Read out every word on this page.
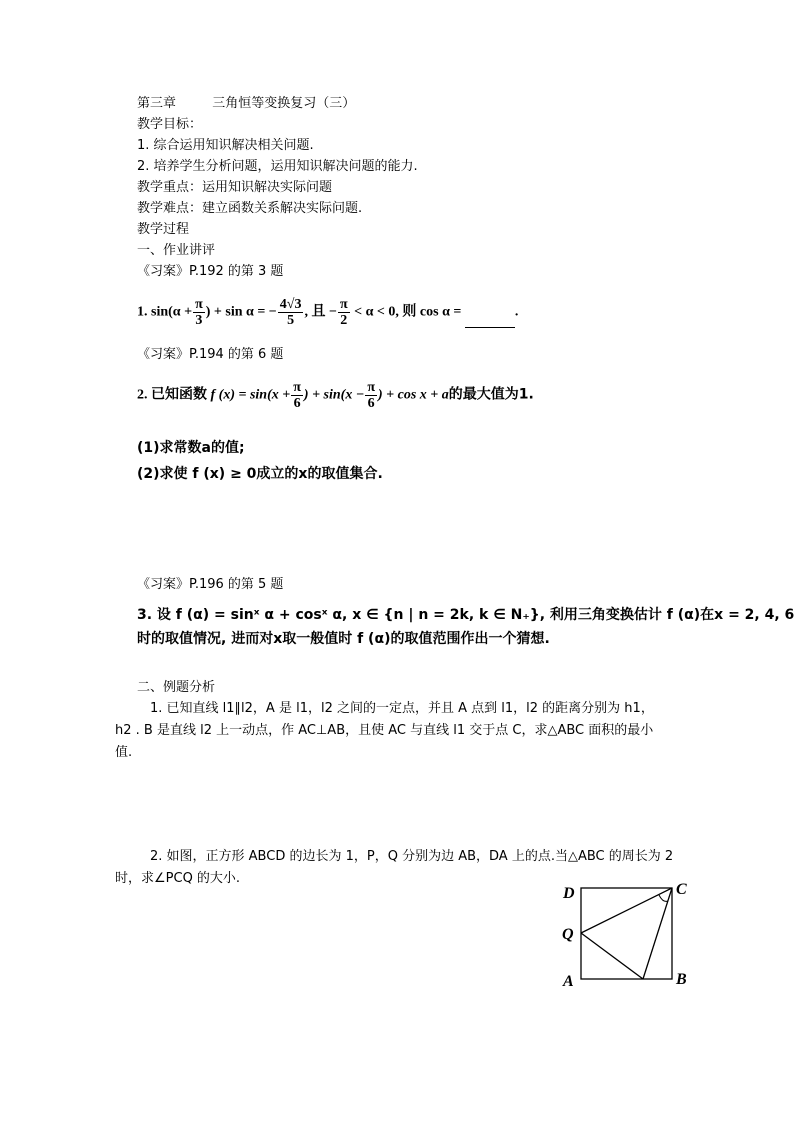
第三章	三角恒等变换复习（三）
教学目标：
1. 综合运用知识解决相关问题.
2. 培养学生分析问题，运用知识解决问题的能力.
教学重点：运用知识解决实际问题
教学难点：建立函数关系解决实际问题.
教学过程
一、作业讲评
《习案》P.192 的第 3 题
1. $\sin(\alpha + \frac{\pi}{3}$ ) + sin α = − $\frac{4√3}{5}$ , 且 − $\frac{\pi}{2} < \alpha < 0$, 则 cos α =	.
《习案》P.194 的第 6 题
2. 已知函数 f $(x) = \sin(x + \frac{\pi}{6}$ ) + $\sin(x - \frac{\pi}{6}$ ) + cos x + a的最大值为1.
(1)求常数a的值;
(2)求使 f (x) ≥ 0成立的x的取值集合.
《习案》P.196 的第 5 题
3. 设 f (α) = sinˣ α + cosˣ α, x ∈ {n | n = 2k, k ∈ N₊}, 利用三角变换估计 f (α)在x = 2, 4, 6
时的取值情况, 进而对x取一般值时 f (α)的取值范围作出一个猜想.
二、例题分析
1. 已知直线 l1∥l2，A 是 l1，l2 之间的一定点，并且 A 点到 l1，l2 的距离分别为 h1，
h2 . B 是直线 l2 上一动点，作 AC⊥AB，且使 AC 与直线 l1 交于点 C，求△ABC 面积的最小
值.
2. 如图，正方形 ABCD 的边长为 1，P，Q 分别为边 AB，DA 上的点.当△ABC 的周长为 2
时，求∠PCQ 的大小.
D	C
Q
A	B
